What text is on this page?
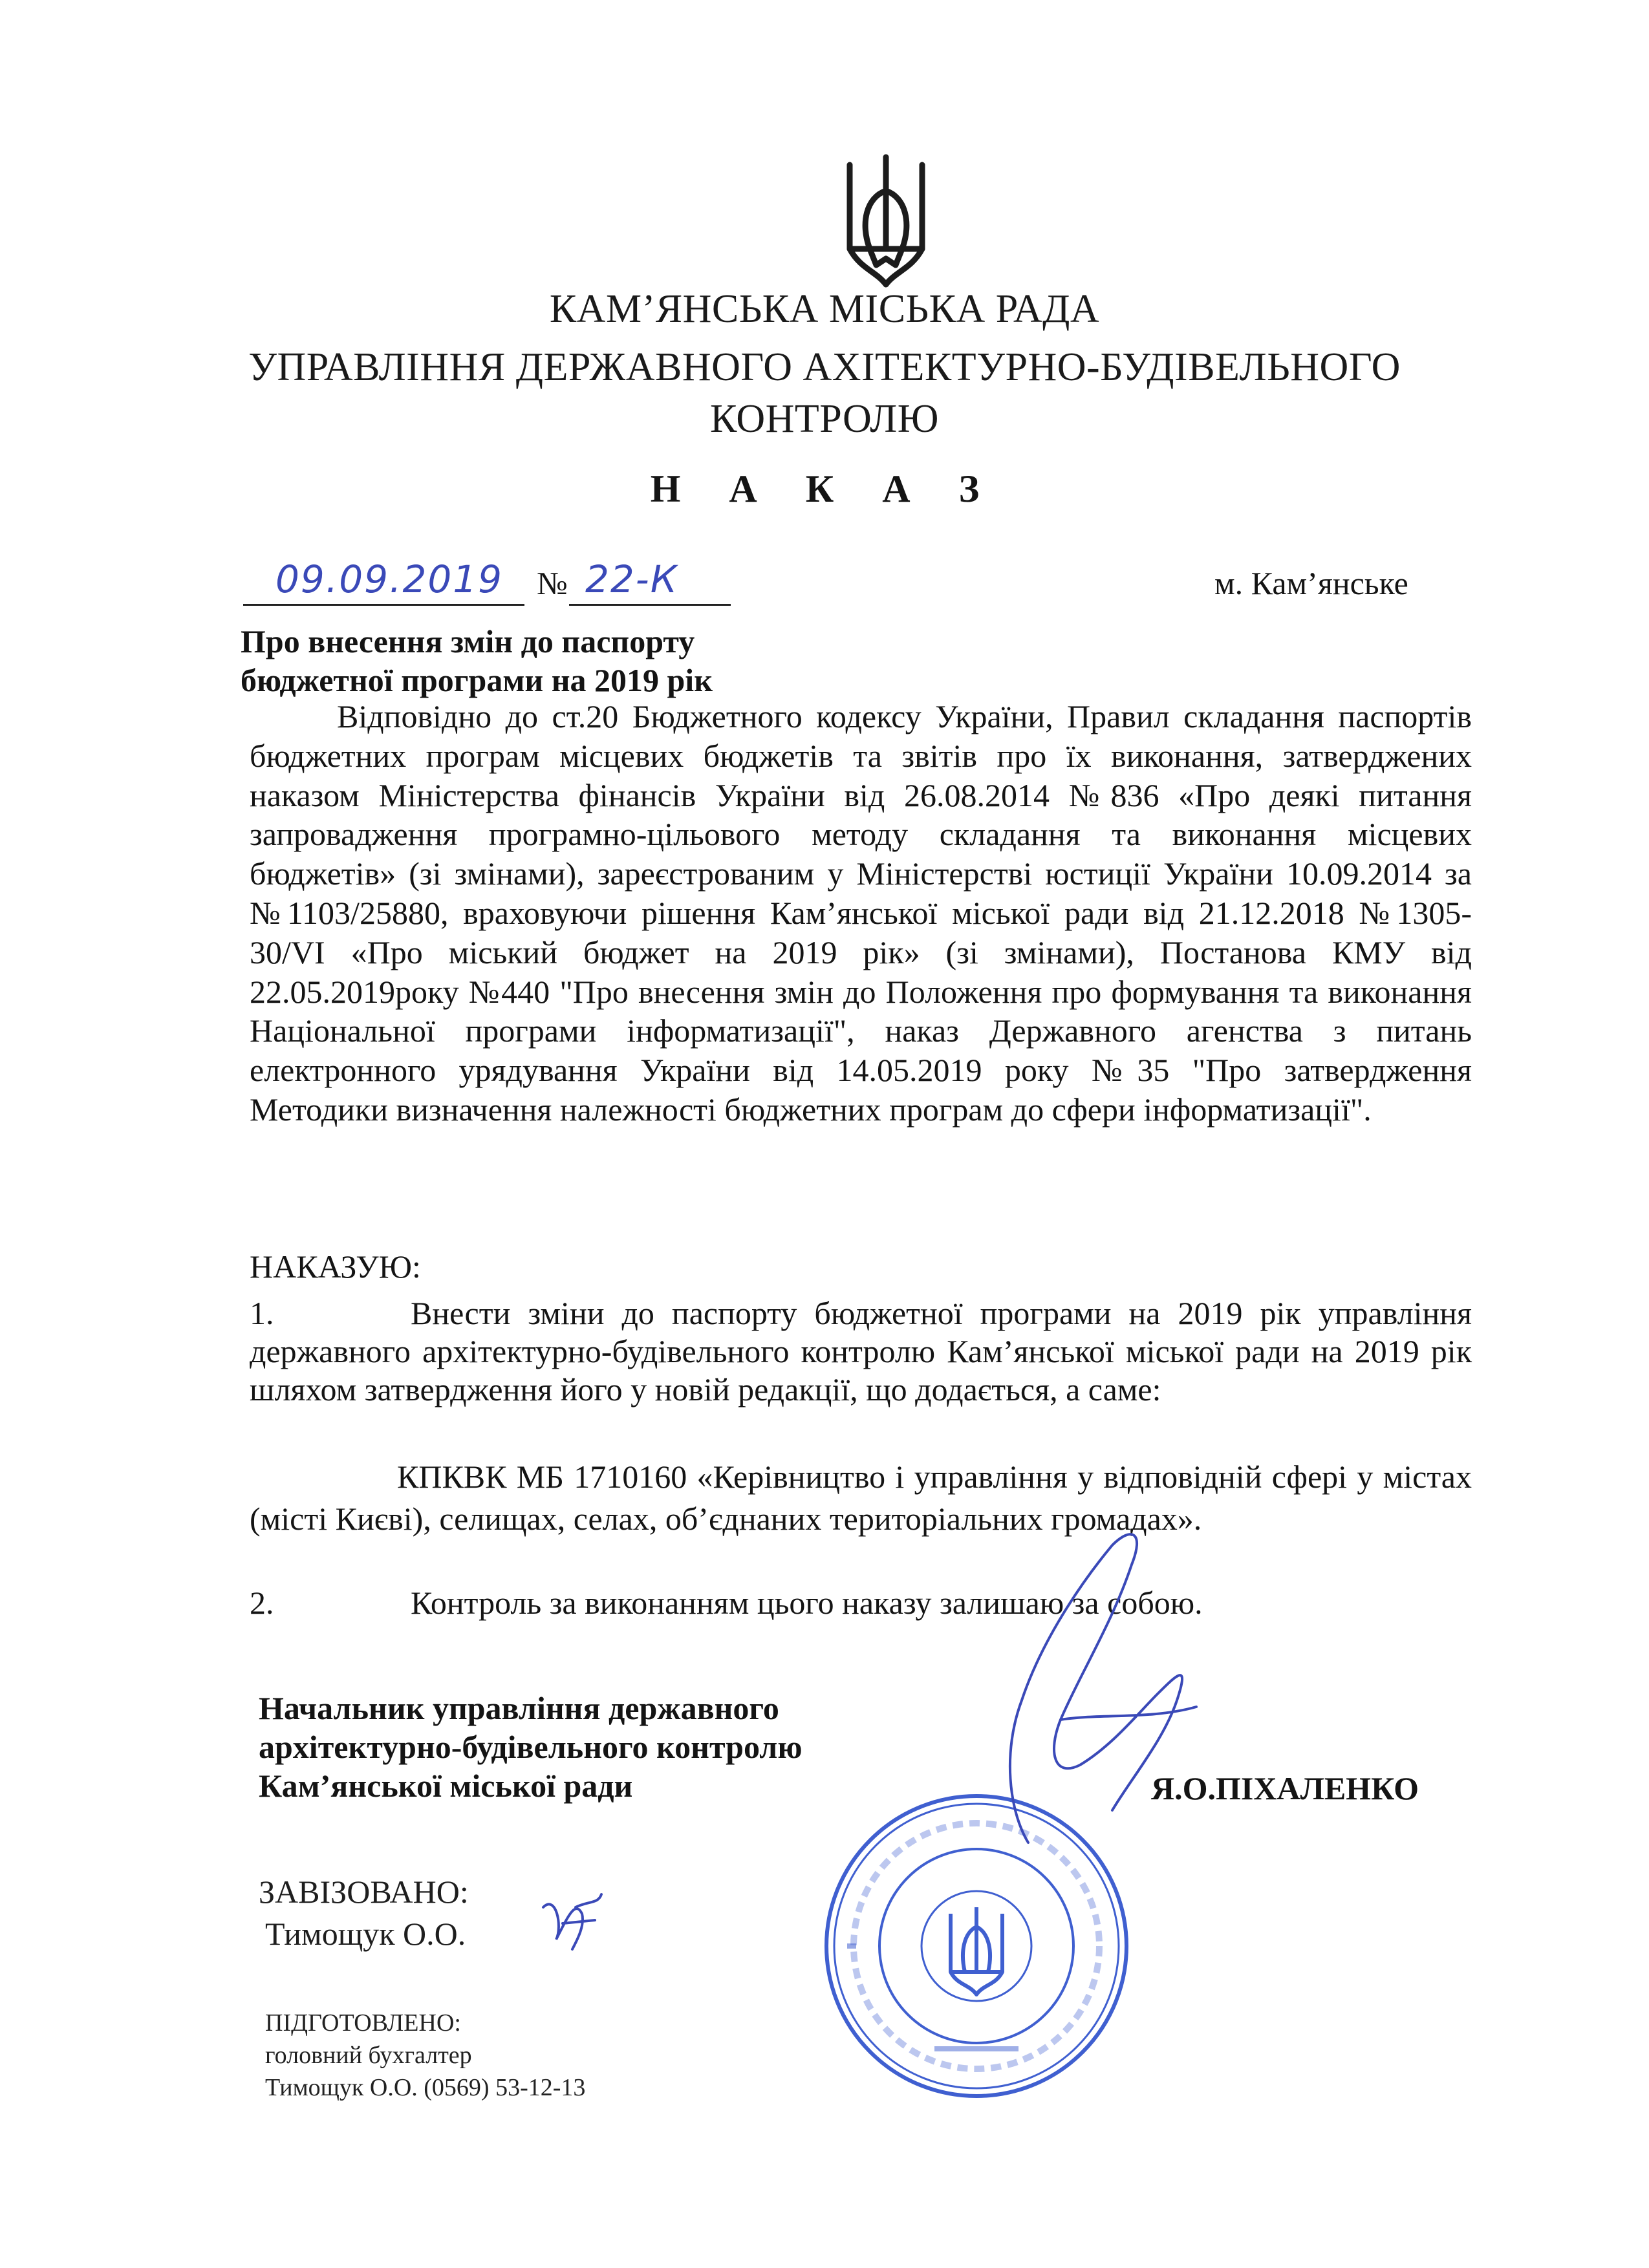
КАМ’ЯНСЬКА МІСЬКА РАДА
УПРАВЛІННЯ ДЕРЖАВНОГО АХІТЕКТУРНО-БУДІВЕЛЬНОГО
КОНТРОЛЮ
Н А К А З
09.09.2019 № 22-К	м. Кам’янське
Про внесення змін до паспорту
бюджетної програми на 2019 рік

Відповідно до ст.20 Бюджетного кодексу України, Правил складання паспортів бюджетних програм місцевих бюджетів та звітів про їх виконання, затверджених наказом Міністерства фінансів України від 26.08.2014 №836 «Про деякі питання запровадження програмно-цільового методу складання та виконання місцевих бюджетів» (зі змінами), зареєстрованим у Міністерстві юстиції України 10.09.2014 за №1103/25880, враховуючи рішення Кам’янської міської ради від 21.12.2018 №1305-30/VI «Про міський бюджет на 2019 рік» (зі змінами), Постанова КМУ від 22.05.2019року №440 "Про внесення змін до Положення про формування та виконання Національної програми інформатизації", наказ Державного агенства з питань електронного урядування України від 14.05.2019 року №35 "Про затвердження Методики визначення належності бюджетних програм до сфери інформатизації".

НАКАЗУЮ:

1.	Внести зміни до паспорту бюджетної програми на 2019 рік управління державного архітектурно-будівельного контролю Кам’янської міської ради на 2019 рік шляхом затвердження його у новій редакції, що додається, а саме:

КПКВК МБ 1710160 «Керівництво і управління у відповідній сфері у містах (місті Києві), селищах, селах, об’єднаних територіальних громадах».

2.	Контроль за виконанням цього наказу залишаю за собою.

Начальник управління державного
архітектурно-будівельного контролю
Кам’янської міської ради	Я.О.ПІХАЛЕНКО
ЗАВІЗОВАНО:
Тимощук О.О.
ПІДГОТОВЛЕНО:
головний бухгалтер
Тимощук О.О. (0569) 53-12-13
